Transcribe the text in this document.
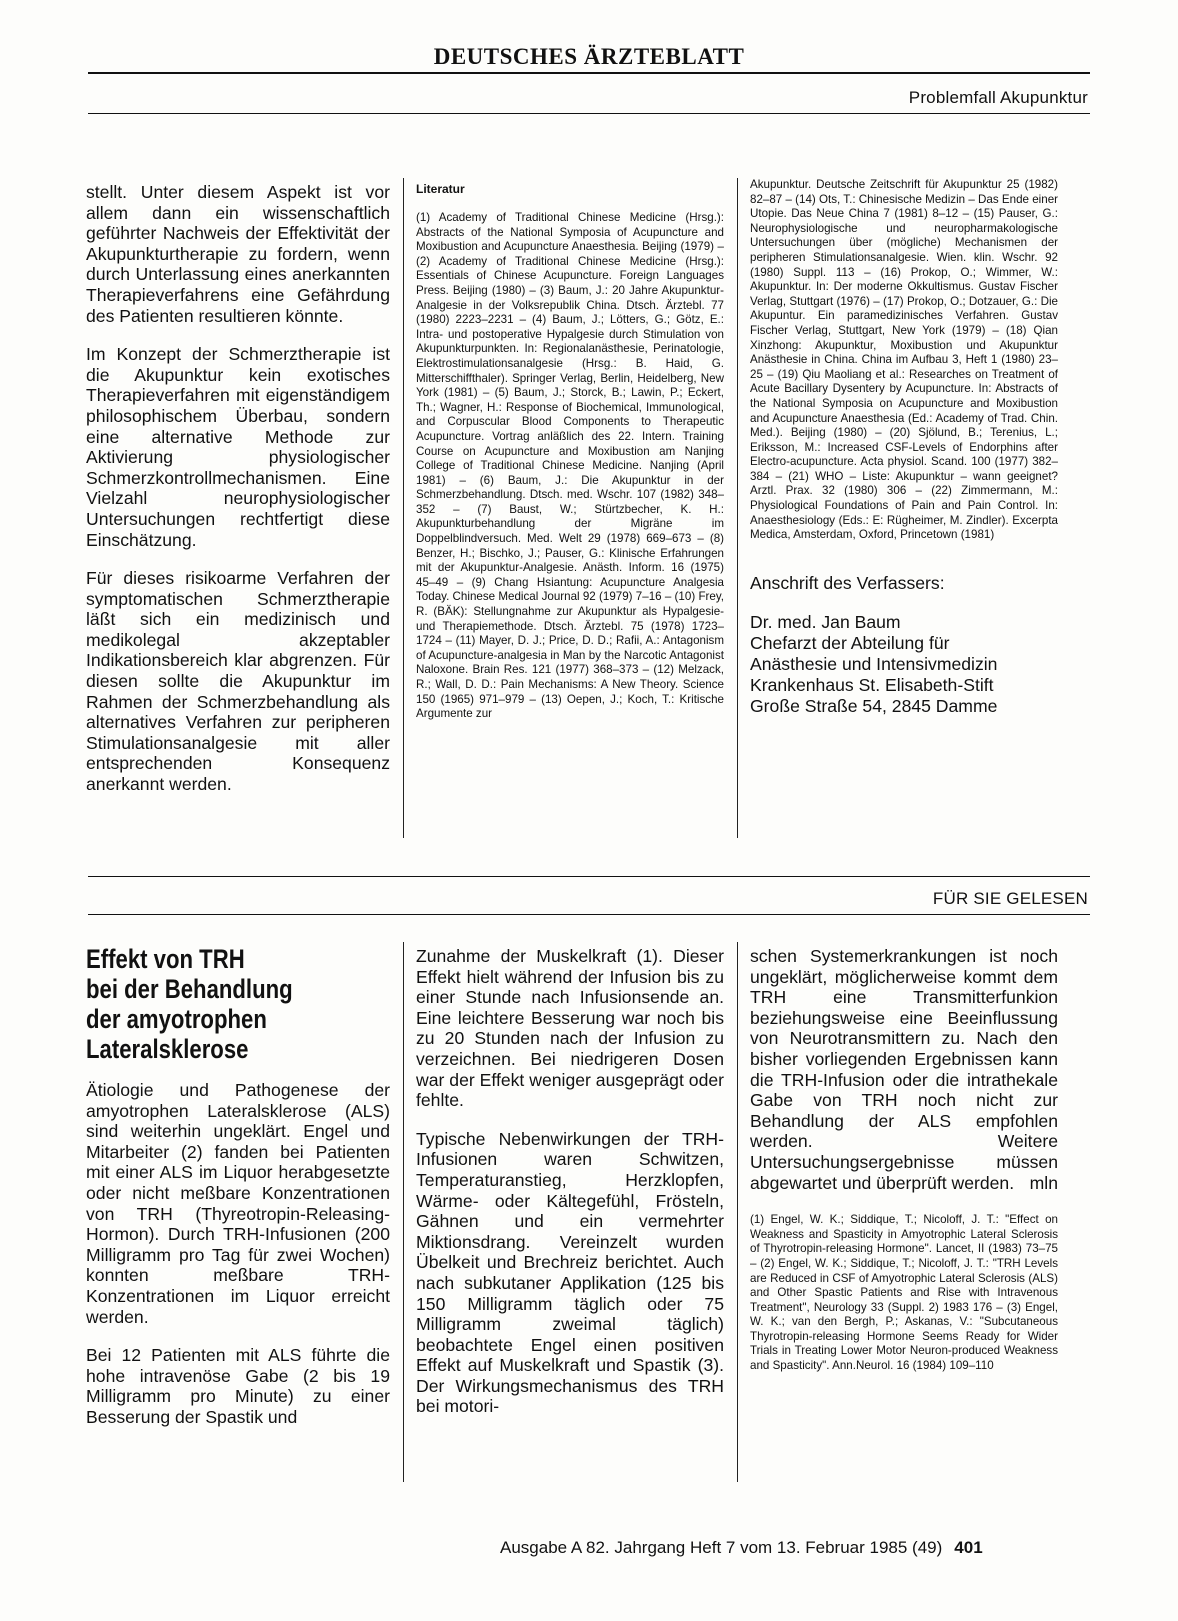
DEUTSCHES ÄRZTEBLATT
Problemfall Akupunktur

stellt. Unter diesem Aspekt ist vor allem dann ein wissenschaftlich geführter Nachweis der Effektivität der Akupunkturtherapie zu fordern, wenn durch Unterlassung eines anerkannten Therapieverfahrens eine Gefährdung des Patienten resultieren könnte.

Im Konzept der Schmerztherapie ist die Akupunktur kein exotisches Therapieverfahren mit eigenständigem philosophischem Überbau, sondern eine alternative Methode zur Aktivierung physiologischer Schmerzkontrollmechanismen. Eine Vielzahl neurophysiologischer Untersuchungen rechtfertigt diese Einschätzung.

Für dieses risikoarme Verfahren der symptomatischen Schmerztherapie läßt sich ein medizinisch und medikolegal akzeptabler Indikationsbereich klar abgrenzen. Für diesen sollte die Akupunktur im Rahmen der Schmerzbehandlung als alternatives Verfahren zur peripheren Stimulationsanalgesie mit aller entsprechenden Konsequenz anerkannt werden.

Literatur

(1) Academy of Traditional Chinese Medicine (Hrsg.): Abstracts of the National Symposia of Acupuncture and Moxibustion and Acupuncture Anaesthesia. Beijing (1979) – (2) Academy of Traditional Chinese Medicine (Hrsg.): Essentials of Chinese Acupuncture. Foreign Languages Press. Beijing (1980) – (3) Baum, J.: 20 Jahre Akupunktur-Analgesie in der Volksrepublik China. Dtsch. Ärztebl. 77 (1980) 2223–2231 – (4) Baum, J.; Lötters, G.; Götz, E.: Intra- und postoperative Hypalgesie durch Stimulation von Akupunkturpunkten. In: Regionalanästhesie, Perinatologie, Elektrostimulationsanalgesie (Hrsg.: B. Haid, G. Mitterschiffthaler). Springer Verlag, Berlin, Heidelberg, New York (1981) – (5) Baum, J.; Storck, B.; Lawin, P.; Eckert, Th.; Wagner, H.: Response of Biochemical, Immunological, and Corpuscular Blood Components to Therapeutic Acupuncture. Vortrag anläßlich des 22. Intern. Training Course on Acupuncture and Moxibustion am Nanjing College of Traditional Chinese Medicine. Nanjing (April 1981) – (6) Baum, J.: Die Akupunktur in der Schmerzbehandlung. Dtsch. med. Wschr. 107 (1982) 348–352 – (7) Baust, W.; Stürtzbecher, K. H.: Akupunkturbehandlung der Migräne im Doppelblindversuch. Med. Welt 29 (1978) 669–673 – (8) Benzer, H.; Bischko, J.; Pauser, G.: Klinische Erfahrungen mit der Akupunktur-Analgesie. Anästh. Inform. 16 (1975) 45–49 – (9) Chang Hsiantung: Acupuncture Analgesia Today. Chinese Medical Journal 92 (1979) 7–16 – (10) Frey, R. (BÄK): Stellungnahme zur Akupunktur als Hypalgesie- und Therapiemethode. Dtsch. Ärztebl. 75 (1978) 1723–1724 – (11) Mayer, D. J.; Price, D. D.; Rafii, A.: Antagonism of Acupuncture-analgesia in Man by the Narcotic Antagonist Naloxone. Brain Res. 121 (1977) 368–373 – (12) Melzack, R.; Wall, D. D.: Pain Mechanisms: A New Theory. Science 150 (1965) 971–979 – (13) Oepen, J.; Koch, T.: Kritische Argumente zur

Akupunktur. Deutsche Zeitschrift für Akupunktur 25 (1982) 82–87 – (14) Ots, T.: Chinesische Medizin – Das Ende einer Utopie. Das Neue China 7 (1981) 8–12 – (15) Pauser, G.: Neurophysiologische und neuropharmakologische Untersuchungen über (mögliche) Mechanismen der peripheren Stimulationsanalgesie. Wien. klin. Wschr. 92 (1980) Suppl. 113 – (16) Prokop, O.; Wimmer, W.: Akupunktur. In: Der moderne Okkultismus. Gustav Fischer Verlag, Stuttgart (1976) – (17) Prokop, O.; Dotzauer, G.: Die Akupuntur. Ein paramedizinisches Verfahren. Gustav Fischer Verlag, Stuttgart, New York (1979) – (18) Qian Xinzhong: Akupunktur, Moxibustion und Akupunktur Anästhesie in China. China im Aufbau 3, Heft 1 (1980) 23–25 – (19) Qiu Maoliang et al.: Researches on Treatment of Acute Bacillary Dysentery by Acupuncture. In: Abstracts of the National Symposia on Acupuncture and Moxibustion and Acupuncture Anaesthesia (Ed.: Academy of Trad. Chin. Med.). Beijing (1980) – (20) Sjölund, B.; Terenius, L.; Eriksson, M.: Increased CSF-Levels of Endorphins after Electro-acupuncture. Acta physiol. Scand. 100 (1977) 382–384 – (21) WHO – Liste: Akupunktur – wann geeignet? Arztl. Prax. 32 (1980) 306 – (22) Zimmermann, M.: Physiological Foundations of Pain and Pain Control. In: Anaesthesiology (Eds.: E: Rügheimer, M. Zindler). Excerpta Medica, Amsterdam, Oxford, Princetown (1981)

Anschrift des Verfassers:
Dr. med. Jan Baum
Chefarzt der Abteilung für
Anästhesie und Intensivmedizin
Krankenhaus St. Elisabeth-Stift
Große Straße 54, 2845 Damme
FÜR SIE GELESEN
Effekt von TRH
bei der Behandlung
der amyotrophen
Lateralsklerose

Ätiologie und Pathogenese der amyotrophen Lateralsklerose (ALS) sind weiterhin ungeklärt. Engel und Mitarbeiter (2) fanden bei Patienten mit einer ALS im Liquor herabgesetzte oder nicht meßbare Konzentrationen von TRH (Thyreotropin-Releasing-Hormon). Durch TRH-Infusionen (200 Milligramm pro Tag für zwei Wochen) konnten meßbare TRH-Konzentrationen im Liquor erreicht werden.

Bei 12 Patienten mit ALS führte die hohe intravenöse Gabe (2 bis 19 Milligramm pro Minute) zu einer Besserung der Spastik und

Zunahme der Muskelkraft (1). Dieser Effekt hielt während der Infusion bis zu einer Stunde nach Infusionsende an. Eine leichtere Besserung war noch bis zu 20 Stunden nach der Infusion zu verzeichnen. Bei niedrigeren Dosen war der Effekt weniger ausgeprägt oder fehlte.

Typische Nebenwirkungen der TRH-Infusionen waren Schwitzen, Temperaturanstieg, Herzklopfen, Wärme- oder Kältegefühl, Frösteln, Gähnen und ein vermehrter Miktionsdrang. Vereinzelt wurden Übelkeit und Brechreiz berichtet. Auch nach subkutaner Applikation (125 bis 150 Milligramm täglich oder 75 Milligramm zweimal täglich) beobachtete Engel einen positiven Effekt auf Muskelkraft und Spastik (3). Der Wirkungsmechanismus des TRH bei motori-

schen Systemerkrankungen ist noch ungeklärt, möglicherweise kommt dem TRH eine Transmitterfunkion beziehungsweise eine Beeinflussung von Neurotransmittern zu. Nach den bisher vorliegenden Ergebnissen kann die TRH-Infusion oder die intrathekale Gabe von TRH noch nicht zur Behandlung der ALS empfohlen werden. Weitere Untersuchungsergebnisse müssen abgewartet und überprüft werden. mln

(1) Engel, W. K.; Siddique, T.; Nicoloff, J. T.: "Effect on Weakness and Spasticity in Amyotrophic Lateral Sclerosis of Thyrotropin-releasing Hormone". Lancet, II (1983) 73–75 – (2) Engel, W. K.; Siddique, T.; Nicoloff, J. T.: "TRH Levels are Reduced in CSF of Amyotrophic Lateral Sclerosis (ALS) and Other Spastic Patients and Rise with Intravenous Treatment", Neurology 33 (Suppl. 2) 1983 176 – (3) Engel, W. K.; van den Bergh, P.; Askanas, V.: "Subcutaneous Thyrotropin-releasing Hormone Seems Ready for Wider Trials in Treating Lower Motor Neuron-produced Weakness and Spasticity". Ann.Neurol. 16 (1984) 109–110

Ausgabe A 82. Jahrgang Heft 7 vom 13. Februar 1985 (49) 401
